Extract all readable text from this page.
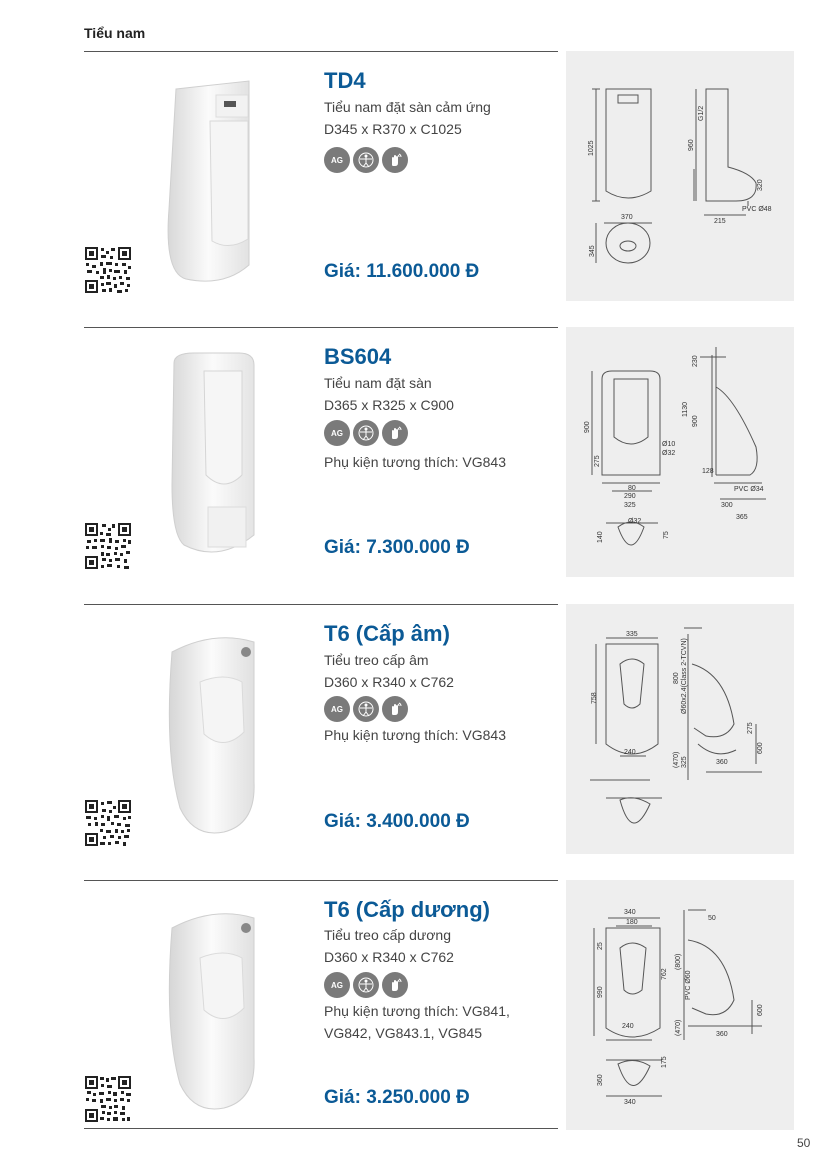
Tiểu nam
TD4
Tiểu nam đặt sàn cảm ứng
D345 x R370 x C1025
AG
Giá: 11.600.000 Đ
1025
370
345
960
G1/2
320
215
PVC Ø48
BS604
Tiểu nam đặt sàn
D365 x R325 x C900
AG
Phụ kiện tương thích: VG843
Giá: 7.300.000 Đ
900
275
80
290
325
Ø10
Ø32
230
1130
900
128
PVC Ø34
300
365
Ø32
140	75
T6 (Cấp âm)
Tiểu treo cấp âm
D360 x R340 x C762
AG
Phụ kiện tương thích: VG843
Giá: 3.400.000 Đ
335
758
240
800 Ø60x2.4(Class 2-TCVN)
275
600
360
(470) 325
T6 (Cấp dương)
Tiểu treo cấp dương
D360 x R340 x C762
AG
Phụ kiện tương thích: VG841,
VG842, VG843.1, VG845
Giá: 3.250.000 Đ
340
180
25
990
762
240
50
(800)
PVC Ø60
(470)
600
360
360
340
175
50
